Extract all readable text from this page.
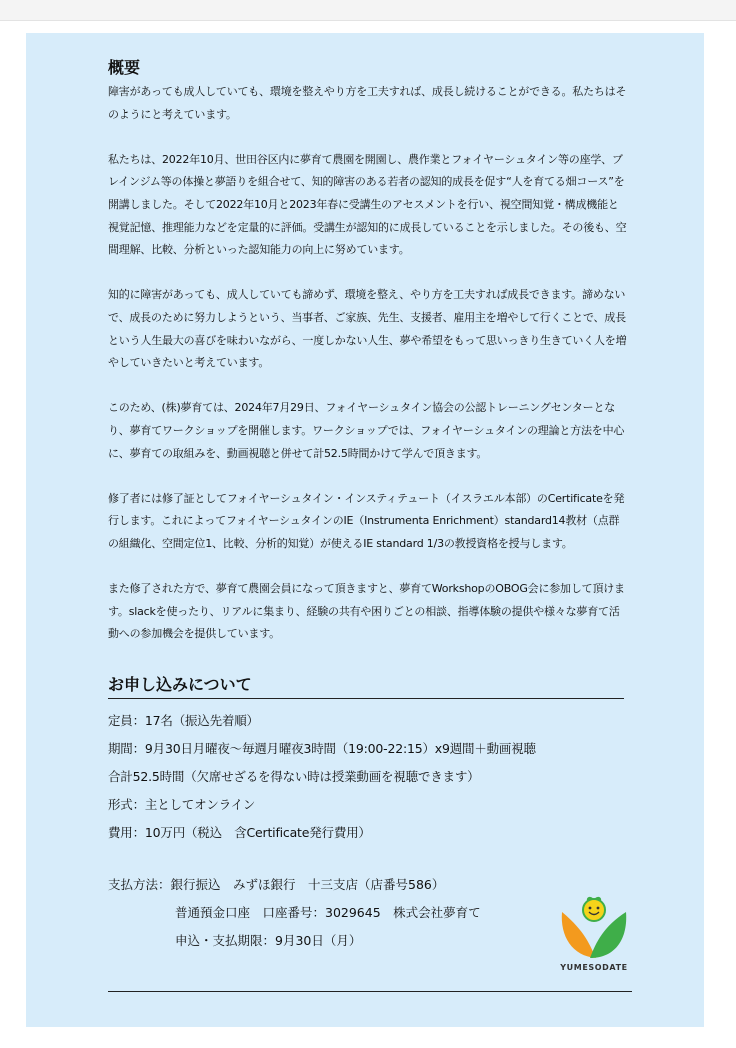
概要

障害があっても成人していても、環境を整えやり方を工夫すれば、成長し続けることができる。私たちはそのようにと考えています。

私たちは、2022年10月、世田谷区内に夢育て農園を開園し、農作業とフォイヤーシュタイン等の座学、ブレインジム等の体操と夢語りを組合せて、知的障害のある若者の認知的成長を促す“人を育てる畑コース”を開講しました。そして2022年10月と2023年春に受講生のアセスメントを行い、視空間知覚・構成機能と視覚記憶、推理能力などを定量的に評価。受講生が認知的に成長していることを示しました。その後も、空間理解、比較、分析といった認知能力の向上に努めています。

知的に障害があっても、成人していても諦めず、環境を整え、やり方を工夫すれば成長できます。諦めないで、成長のために努力しようという、当事者、ご家族、先生、支援者、雇用主を増やして行くことで、成長という人生最大の喜びを味わいながら、一度しかない人生、夢や希望をもって思いっきり生きていく人を増やしていきたいと考えています。

このため、(株)夢育ては、2024年7月29日、フォイヤーシュタイン協会の公認トレーニングセンターとなり、夢育てワークショップを開催します。ワークショップでは、フォイヤーシュタインの理論と方法を中心に、夢育ての取組みを、動画視聴と併せて計52.5時間かけて学んで頂きます。

修了者には修了証としてフォイヤーシュタイン・インスティテュート（イスラエル本部）のCertificateを発行します。これによってフォイヤーシュタインのIE（Instrumenta Enrichment）standard14教材（点群の組織化、空間定位1、比較、分析的知覚）が使えるIE standard 1/3の教授資格を授与します。

また修了された方で、夢育て農園会員になって頂きますと、夢育てWorkshopのOBOG会に参加して頂けます。slackを使ったり、リアルに集まり、経験の共有や困りごとの相談、指導体験の提供や様々な夢育て活動への参加機会を提供しています。

お申し込みについて
定員：17名（振込先着順）
期間：9月30日月曜夜～毎週月曜夜3時間（19:00-22:15）x9週間＋動画視聴
合計52.5時間（欠席せざるを得ない時は授業動画を視聴できます）
形式：主としてオンライン
費用：10万円（税込　含Certificate発行費用）
支払方法：銀行振込　みずほ銀行　十三支店（店番号586）
普通預金口座　口座番号：3029645　株式会社夢育て
申込・支払期限：9月30日（月）
YUMESODATE
